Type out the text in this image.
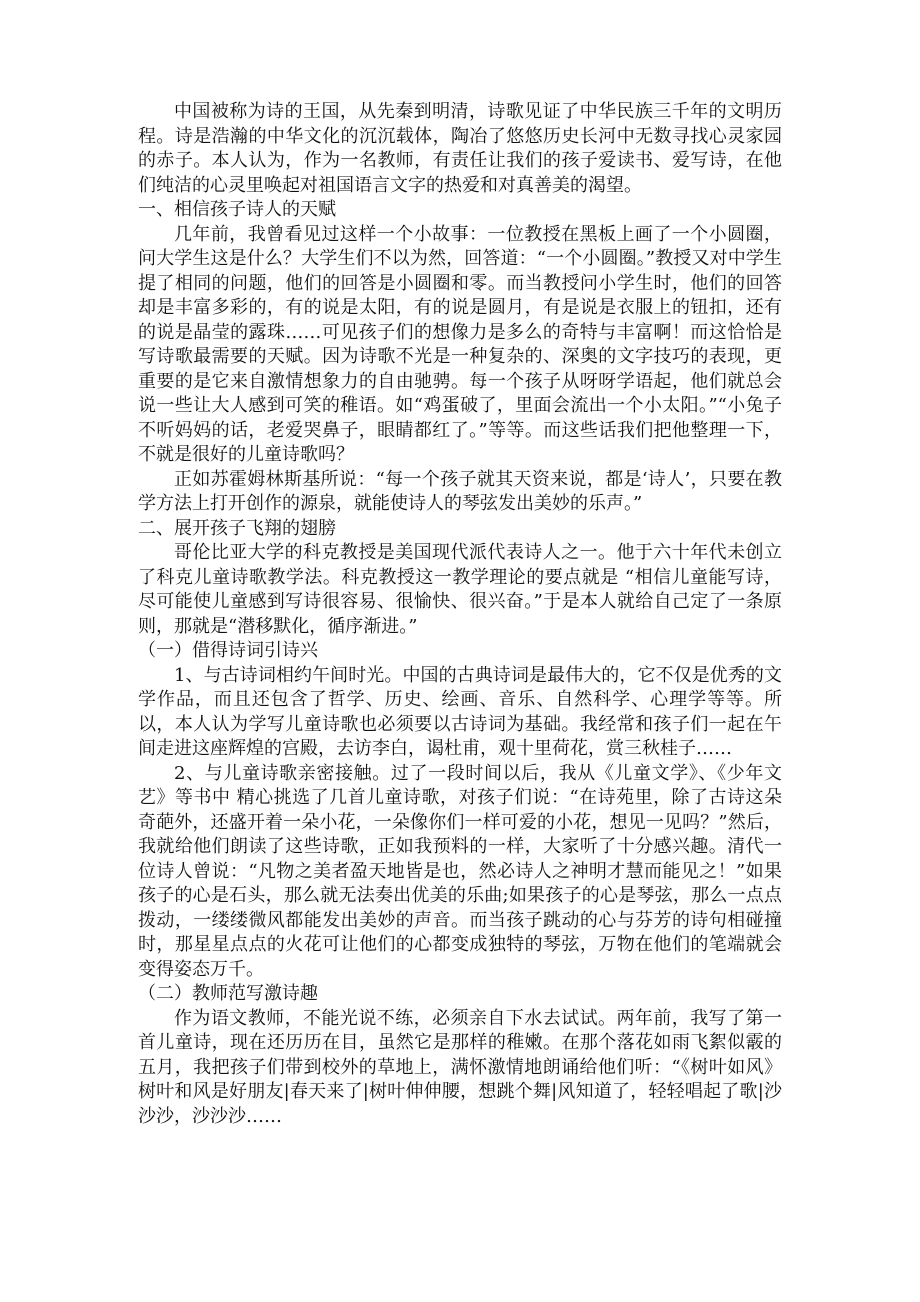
中国被称为诗的王国，从先秦到明清，诗歌见证了中华民族三千年的文明历程。诗是浩瀚的中华文化的沉沉载体，陶冶了悠悠历史长河中无数寻找心灵家园的赤子。本人认为，作为一名教师，有责任让我们的孩子爱读书、爱写诗，在他们纯洁的心灵里唤起对祖国语言文字的热爱和对真善美的渴望。

一、相信孩子诗人的天赋

几年前，我曾看见过这样一个小故事：一位教授在黑板上画了一个小圆圈，问大学生这是什么？大学生们不以为然，回答道：“一个小圆圈。”教授又对中学生提了相同的问题，他们的回答是小圆圈和零。而当教授问小学生时，他们的回答却是丰富多彩的，有的说是太阳，有的说是圆月，有是说是衣服上的钮扣，还有的说是晶莹的露珠……可见孩子们的想像力是多么的奇特与丰富啊！而这恰恰是写诗歌最需要的天赋。因为诗歌不光是一种复杂的、深奥的文字技巧的表现，更重要的是它来自激情想象力的自由驰骋。每一个孩子从呀呀学语起，他们就总会说一些让大人感到可笑的稚语。如“鸡蛋破了，里面会流出一个小太阳。”“小兔子不听妈妈的话，老爱哭鼻子，眼睛都红了。”等等。而这些话我们把他整理一下，不就是很好的儿童诗歌吗？

正如苏霍姆林斯基所说：“每一个孩子就其天资来说，都是‘诗人’，只要在教学方法上打开创作的源泉，就能使诗人的琴弦发出美妙的乐声。”

二、展开孩子飞翔的翅膀

哥伦比亚大学的科克教授是美国现代派代表诗人之一。他于六十年代未创立了科克儿童诗歌教学法。科克教授这一教学理论的要点就是 “相信儿童能写诗，尽可能使儿童感到写诗很容易、很愉快、很兴奋。”于是本人就给自己定了一条原则，那就是“潜移默化，循序渐进。”

（一）借得诗词引诗兴

1、与古诗词相约午间时光。中国的古典诗词是最伟大的，它不仅是优秀的文学作品，而且还包含了哲学、历史、绘画、音乐、自然科学、心理学等等。所以，本人认为学写儿童诗歌也必须要以古诗词为基础。我经常和孩子们一起在午间走进这座辉煌的宫殿，去访李白，谒杜甫，观十里荷花，赏三秋桂子……

2、与儿童诗歌亲密接触。过了一段时间以后，我从《儿童文学》、《少年文艺》等书中 精心挑选了几首儿童诗歌，对孩子们说：“在诗苑里，除了古诗这朵奇葩外，还盛开着一朵小花，一朵像你们一样可爱的小花，想见一见吗？”然后，我就给他们朗读了这些诗歌，正如我预料的一样，大家听了十分感兴趣。清代一位诗人曾说：“凡物之美者盈天地皆是也，然必诗人之神明才慧而能见之！”如果孩子的心是石头，那么就无法奏出优美的乐曲;如果孩子的心是琴弦，那么一点点拨动，一缕缕微风都能发出美妙的声音。而当孩子跳动的心与芬芳的诗句相碰撞时，那星星点点的火花可让他们的心都变成独特的琴弦，万物在他们的笔端就会变得姿态万千。

（二）教师范写激诗趣

作为语文教师，不能光说不练，必须亲自下水去试试。两年前，我写了第一首儿童诗，现在还历历在目，虽然它是那样的稚嫩。在那个落花如雨飞絮似霰的五月，我把孩子们带到校外的草地上，满怀激情地朗诵给他们听：“《树叶如风》树叶和风是好朋友|春天来了|树叶伸伸腰，想跳个舞|风知道了，轻轻唱起了歌|沙沙沙，沙沙沙……
